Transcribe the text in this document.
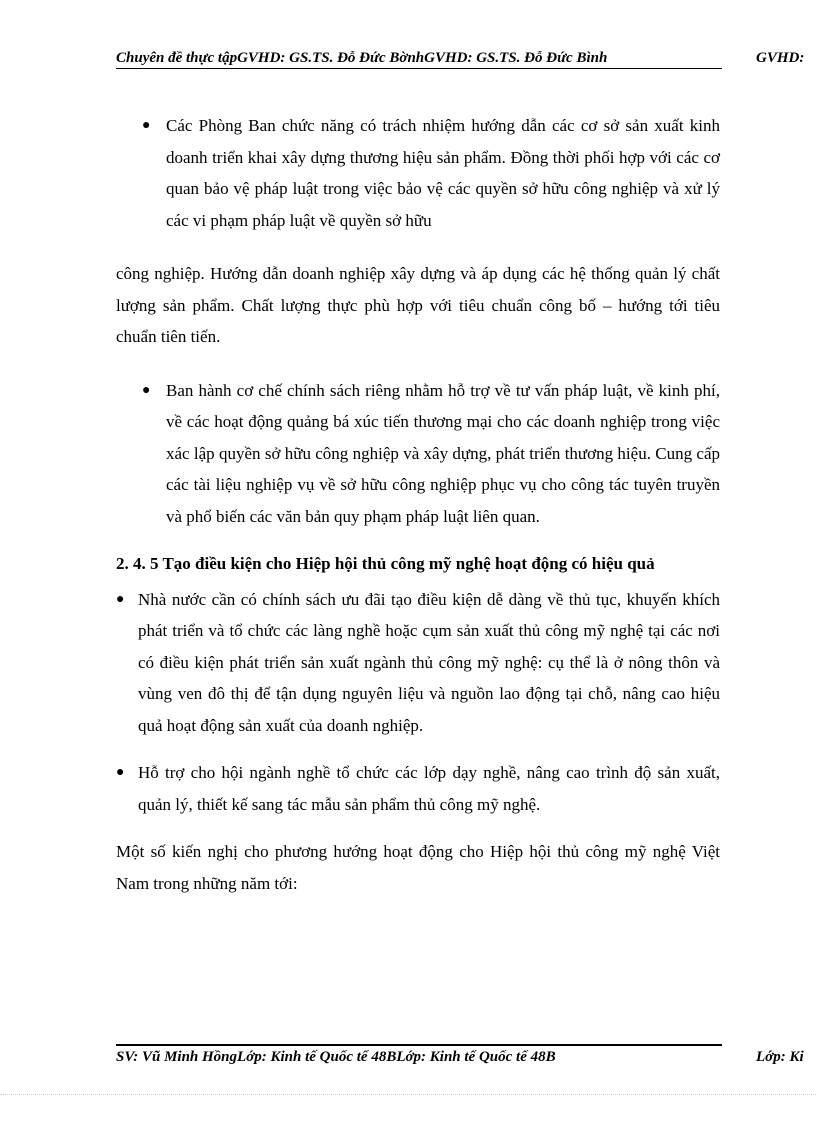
Chuyên đề thực tậpGVHD: GS.TS. Đỗ Đức BờnhGVHD: GS.TS. Đỗ Đức Bình	GVHD:
● Các Phòng Ban chức năng có trách nhiệm hướng dẫn các cơ sở sản xuất kinh doanh triển khai xây dựng thương hiệu sản phẩm. Đồng thời phối hợp với các cơ quan bảo vệ pháp luật trong việc bảo vệ các quyền sở hữu công nghiệp và xử lý các vi phạm pháp luật về quyền sở hữu

công nghiệp. Hướng dẫn doanh nghiệp xây dựng và áp dụng các hệ thống quản lý chất lượng sản phẩm. Chất lượng thực phù hợp với tiêu chuẩn công bố – hướng tới tiêu chuẩn tiên tiến.

● Ban hành cơ chế chính sách riêng nhằm hỗ trợ về tư vấn pháp luật, về kinh phí, về các hoạt động quảng bá xúc tiến thương mại cho các doanh nghiệp trong việc xác lập quyền sở hữu công nghiệp và xây dựng, phát triển thương hiệu. Cung cấp các tài liệu nghiệp vụ về sở hữu công nghiệp phục vụ cho công tác tuyên truyền và phổ biến các văn bản quy phạm pháp luật liên quan.
2. 4. 5 Tạo điều kiện cho Hiệp hội thủ công mỹ nghệ hoạt động có hiệu quả
● Nhà nước cần có chính sách ưu đãi tạo điều kiện dễ dàng về thủ tục, khuyến khích phát triển và tổ chức các làng nghề hoặc cụm sản xuất thủ công mỹ nghệ tại các nơi có điều kiện phát triển sản xuất ngành thủ công mỹ nghệ: cụ thể là ở nông thôn và vùng ven đô thị để tận dụng nguyên liệu và nguồn lao động tại chỗ, nâng cao hiệu quả hoạt động sản xuất của doanh nghiệp.
● Hỗ trợ cho hội ngành nghề tổ chức các lớp dạy nghề, nâng cao trình độ sản xuất, quản lý, thiết kế sang tác mẫu sản phẩm thủ công mỹ nghệ.

Một số kiến nghị cho phương hướng hoạt động cho Hiệp hội thủ công mỹ nghệ Việt Nam trong những năm tới:

SV: Vũ Minh HồngLớp: Kinh tế Quốc tế 48BLớp: Kinh tế Quốc tế 48B	Lớp: Ki
